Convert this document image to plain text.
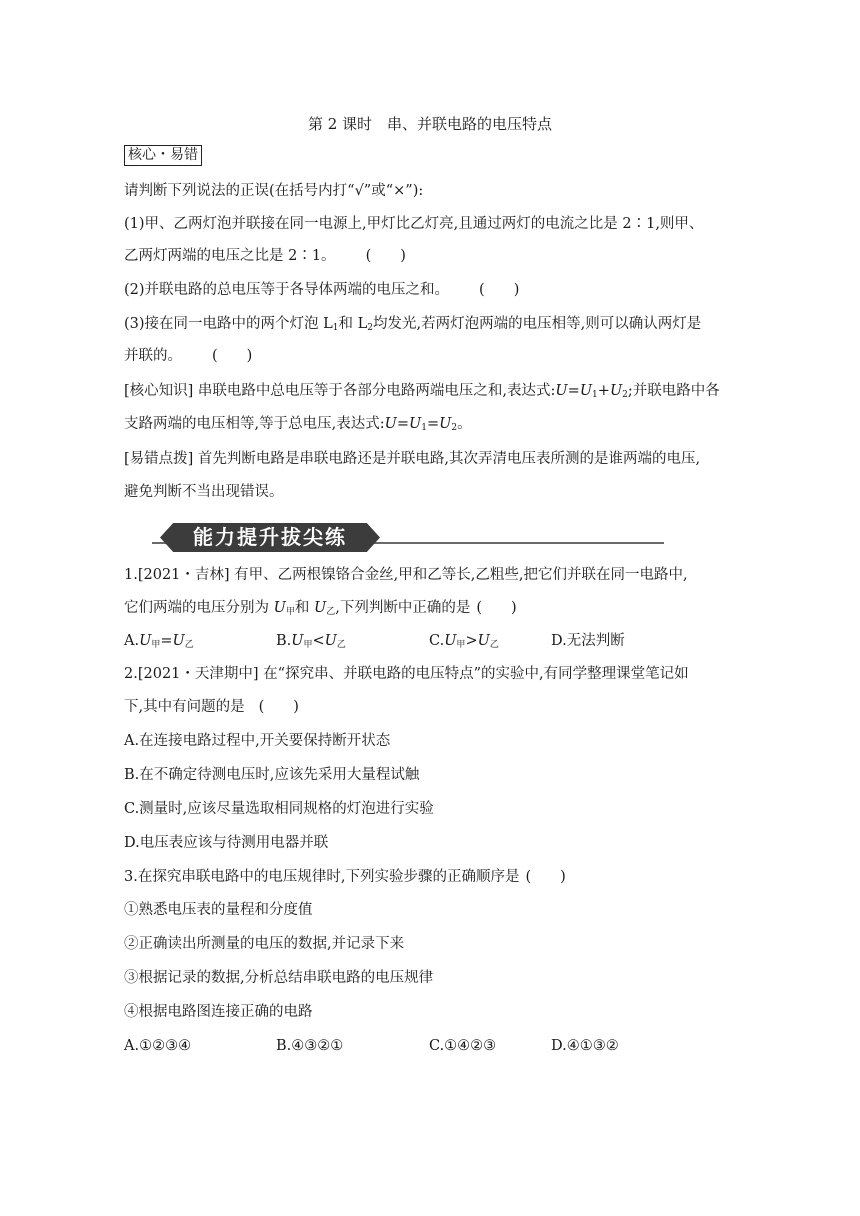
第 2 课时　串、并联电路的电压特点
核心・易错
请判断下列说法的正误(在括号内打“√”或“×”):
(1)甲、乙两灯泡并联接在同一电源上,甲灯比乙灯亮,且通过两灯的电流之比是 2∶1,则甲、
乙两灯两端的电压之比是 2∶1。 (　　)
(2)并联电路的总电压等于各导体两端的电压之和。 (　　)
(3)接在同一电路中的两个灯泡 $L_1$和 $L_2$均发光,若两灯泡两端的电压相等,则可以确认两灯是
并联的。 (　　)
[核心知识] 串联电路中总电压等于各部分电路两端电压之和,表达式$:U=U_1+U_2$;并联电路中各
支路两端的电压相等,等于总电压,表达式$:U=U_1=U_2$。
[易错点拨] 首先判断电路是串联电路还是并联电路,其次弄清电压表所测的是谁两端的电压,
避免判断不当出现错误。
能力提升拔尖练
1.[2021・吉林] 有甲、乙两根镍铬合金丝,甲和乙等长,乙粗些,把它们并联在同一电路中,
它们两端的电压分别为 $U_甲$和 $U_乙$,下列判断中正确的是 (　　)
$A.U_甲=U_乙$	$B.U_甲<U_乙$	$C.U_甲>U_乙$	D.无法判断
2.[2021・天津期中] 在“探究串、并联电路的电压特点”的实验中,有同学整理课堂笔记如
下,其中有问题的是 (　　)
A.在连接电路过程中,开关要保持断开状态
B.在不确定待测电压时,应该先采用大量程试触
C.测量时,应该尽量选取相同规格的灯泡进行实验
D.电压表应该与待测用电器并联
3.在探究串联电路中的电压规律时,下列实验步骤的正确顺序是 (　　)
①熟悉电压表的量程和分度值
②正确读出所测量的电压的数据,并记录下来
③根据记录的数据,分析总结串联电路的电压规律
④根据电路图连接正确的电路
A.①②③④	B.④③②①	C.①④②③	D.④①③②
